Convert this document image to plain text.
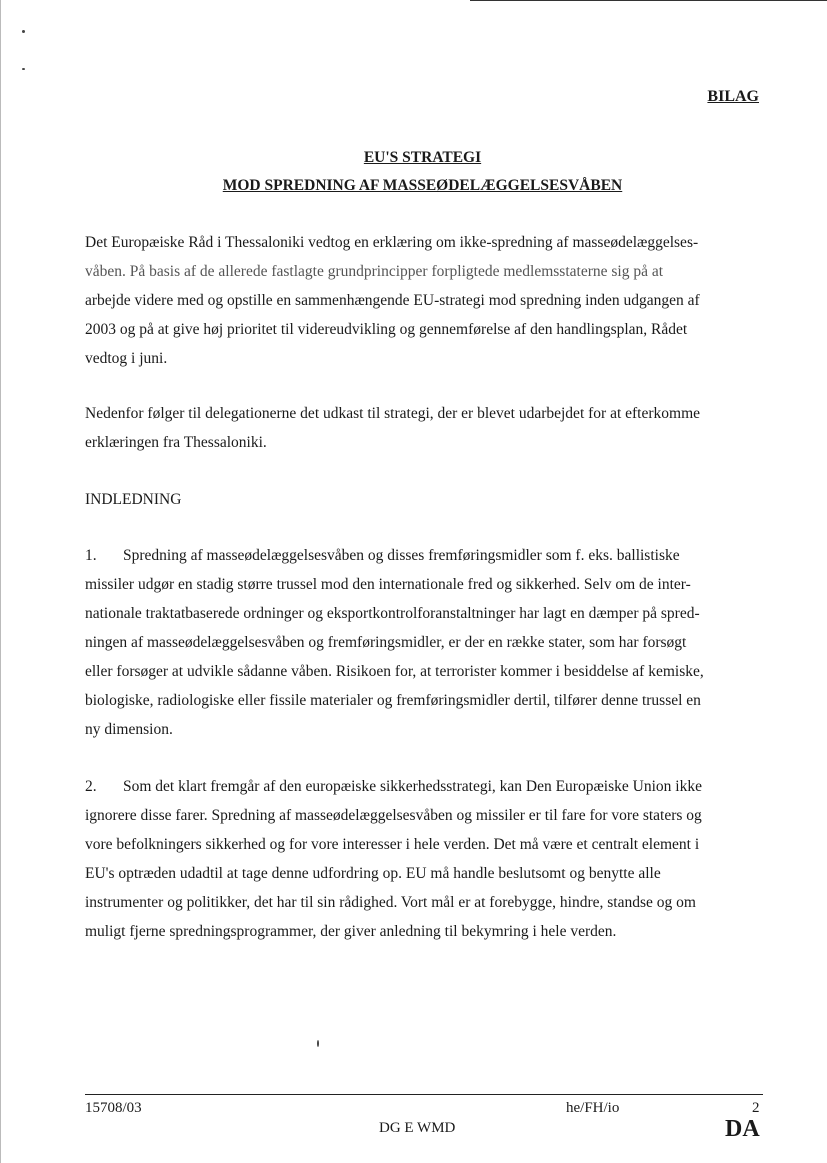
BILAG
EU'S STRATEGI
MOD SPREDNING AF MASSEØDELÆGGELSESVÅBEN

Det Europæiske Råd i Thessaloniki vedtog en erklæring om ikke-spredning af masseødelæggelses-

våben. På basis af de allerede fastlagte grundprincipper forpligtede medlemsstaterne sig på at

arbejde videre med og opstille en sammenhængende EU-strategi mod spredning inden udgangen af

2003 og på at give høj prioritet til videreudvikling og gennemførelse af den handlingsplan, Rådet

vedtog i juni.

Nedenfor følger til delegationerne det udkast til strategi, der er blevet udarbejdet for at efterkomme

erklæringen fra Thessaloniki.

INDLEDNING

1. Spredning af masseødelæggelsesvåben og disses fremføringsmidler som f. eks. ballistiske

missiler udgør en stadig større trussel mod den internationale fred og sikkerhed. Selv om de inter-

nationale traktatbaserede ordninger og eksportkontrolforanstaltninger har lagt en dæmper på spred-

ningen af masseødelæggelsesvåben og fremføringsmidler, er der en række stater, som har forsøgt

eller forsøger at udvikle sådanne våben. Risikoen for, at terrorister kommer i besiddelse af kemiske,

biologiske, radiologiske eller fissile materialer og fremføringsmidler dertil, tilfører denne trussel en

ny dimension.

2. Som det klart fremgår af den europæiske sikkerhedsstrategi, kan Den Europæiske Union ikke

ignorere disse farer. Spredning af masseødelæggelsesvåben og missiler er til fare for vore staters og

vore befolkningers sikkerhed og for vore interesser i hele verden. Det må være et centralt element i

EU's optræden udadtil at tage denne udfordring op. EU må handle beslutsomt og benytte alle

instrumenter og politikker, det har til sin rådighed. Vort mål er at forebygge, hindre, standse og om

muligt fjerne spredningsprogrammer, der giver anledning til bekymring i hele verden.

15708/03	he/FH/io	2
DG E WMD	DA
